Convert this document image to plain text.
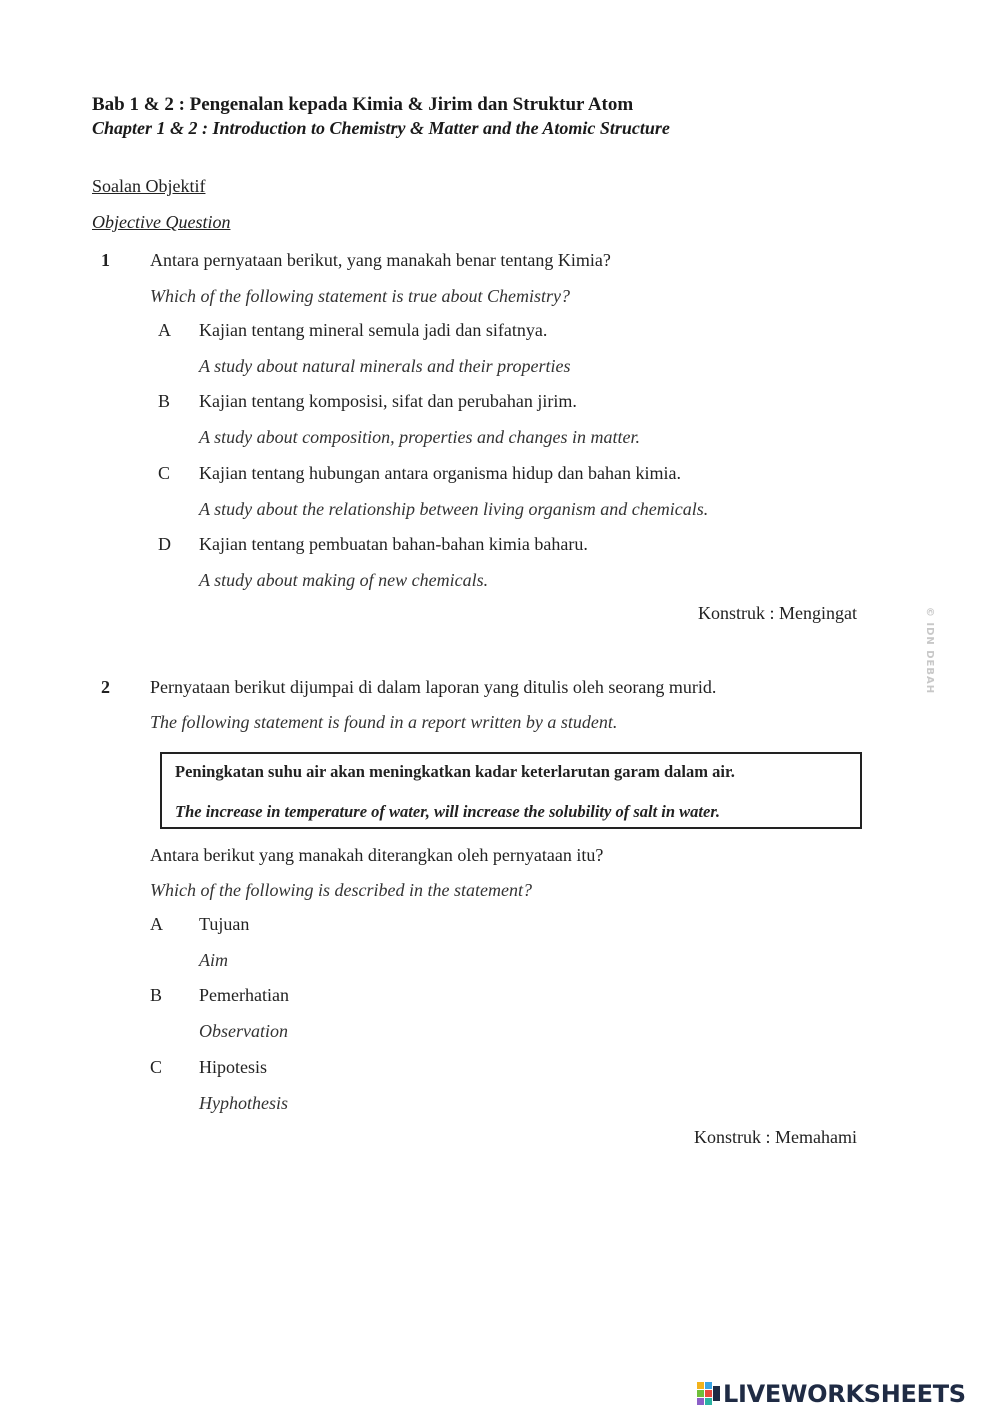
Bab 1 & 2 : Pengenalan kepada Kimia & Jirim dan Struktur Atom
Chapter 1 & 2 : Introduction to Chemistry & Matter and the Atomic Structure
Soalan Objektif
Objective Question
1 Antara pernyataan berikut, yang manakah benar tentang Kimia?
Which of the following statement is true about Chemistry?
A Kajian tentang mineral semula jadi dan sifatnya.
A study about natural minerals and their properties
B Kajian tentang komposisi, sifat dan perubahan jirim.
A study about composition, properties and changes in matter.
C Kajian tentang hubungan antara organisma hidup dan bahan kimia.
A study about the relationship between living organism and chemicals.
D Kajian tentang pembuatan bahan-bahan kimia baharu.
A study about making of new chemicals.
Konstruk : Mengingat
2 Pernyataan berikut dijumpai di dalam laporan yang ditulis oleh seorang murid.
The following statement is found in a report written by a student.
Peningkatan suhu air akan meningkatkan kadar keterlarutan garam dalam air.
The increase in temperature of water, will increase the solubility of salt in water.
Antara berikut yang manakah diterangkan oleh pernyataan itu?
Which of the following is described in the statement?
A Tujuan
Aim
B Pemerhatian
Observation
C Hipotesis
Hyphothesis
Konstruk : Memahami
© IDN DEBAH
LIVEWORKSHEETS
